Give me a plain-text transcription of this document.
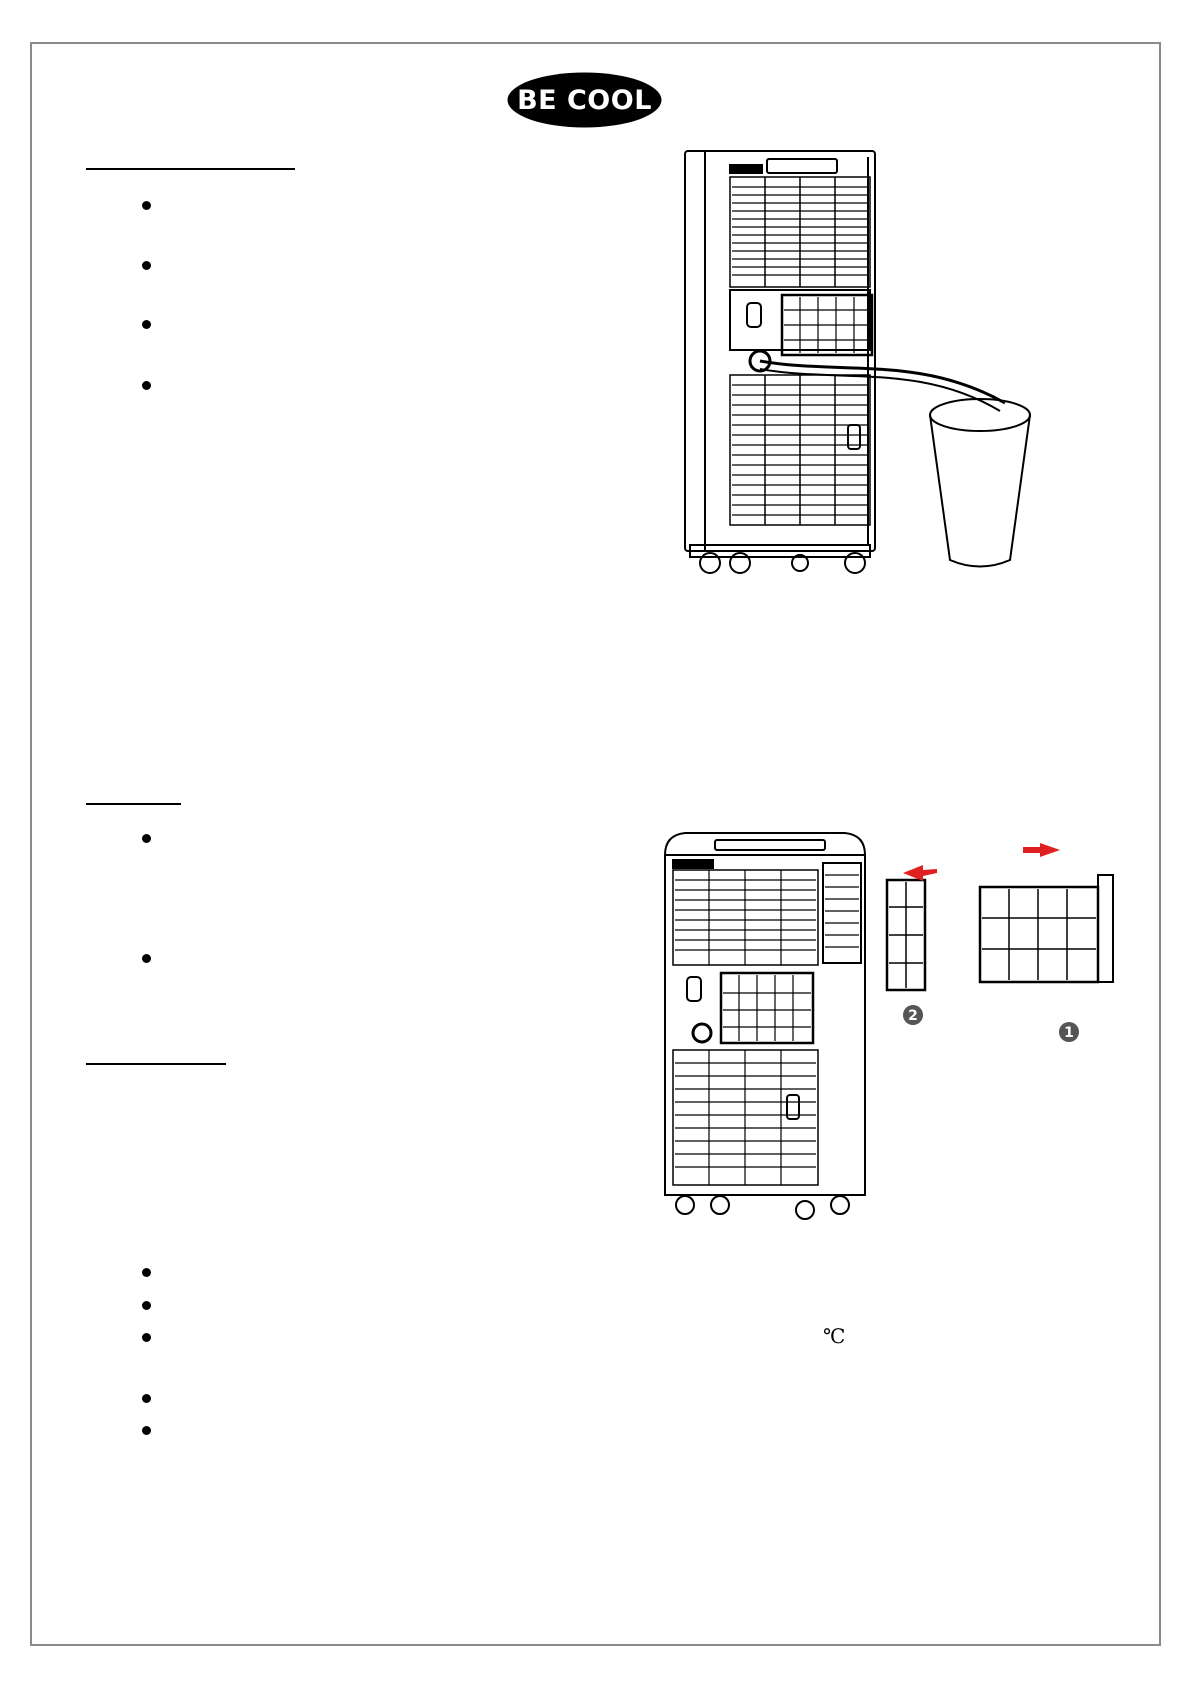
BE COOL
℃
2
1
